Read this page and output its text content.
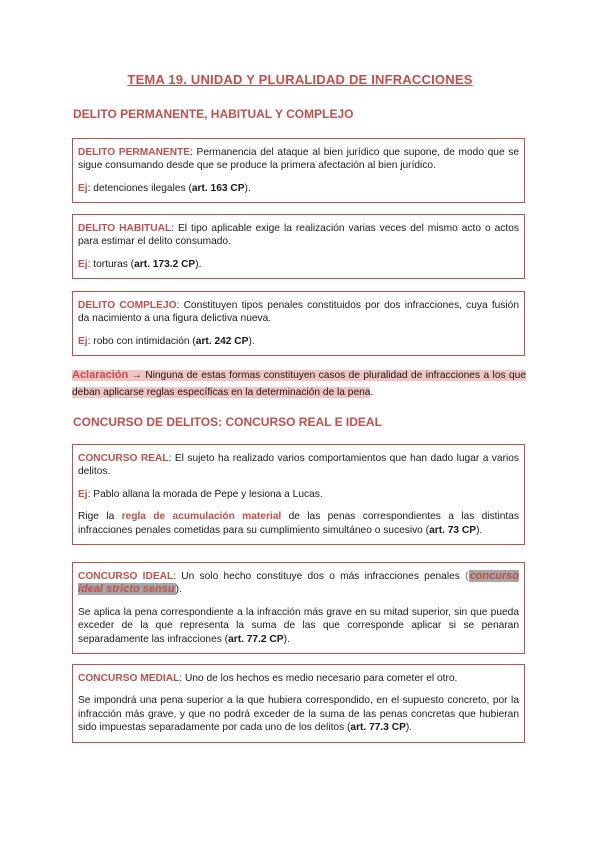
TEMA 19. UNIDAD Y PLURALIDAD DE INFRACCIONES
DELITO PERMANENTE, HABITUAL Y COMPLEJO

DELITO PERMANENTE: Permanencia del ataque al bien jurídico que supone, de modo que se sigue consumando desde que se produce la primera afectación al bien jurídico.

Ej: detenciones ilegales (art. 163 CP).

DELITO HABITUAL: El tipo aplicable exige la realización varias veces del mismo acto o actos para estimar el delito consumado.

Ej: torturas (art. 173.2 CP).

DELITO COMPLEJO: Constituyen tipos penales constituidos por dos infracciones, cuya fusión da nacimiento a una figura delictiva nueva.

Ej: robo con intimidación (art. 242 CP).

Aclaración → Ninguna de estas formas constituyen casos de pluralidad de infracciones a los que deban aplicarse reglas específicas en la determinación de la pena.
CONCURSO DE DELITOS: CONCURSO REAL E IDEAL

CONCURSO REAL: El sujeto ha realizado varios comportamientos que han dado lugar a varios delitos.

Ej: Pablo allana la morada de Pepe y lesiona a Lucas.

Rige la regla de acumulación material de las penas correspondientes a las distintas infracciones penales cometidas para su cumplimiento simultáneo o sucesivo (art. 73 CP).

CONCURSO IDEAL: Un solo hecho constituye dos o más infracciones penales (concurso ideal stricto sensu).

Se aplica la pena correspondiente a la infracción más grave en su mitad superior, sin que pueda exceder de la que representa la suma de las que corresponde aplicar si se penaran separadamente las infracciones (art. 77.2 CP).

CONCURSO MEDIAL: Uno de los hechos es medio necesario para cometer el otro.

Se impondrá una pena superior a la que hubiera correspondido, en el supuesto concreto, por la infracción más grave, y que no podrá exceder de la suma de las penas concretas que hubieran sido impuestas separadamente por cada uno de los delitos (art. 77.3 CP).
